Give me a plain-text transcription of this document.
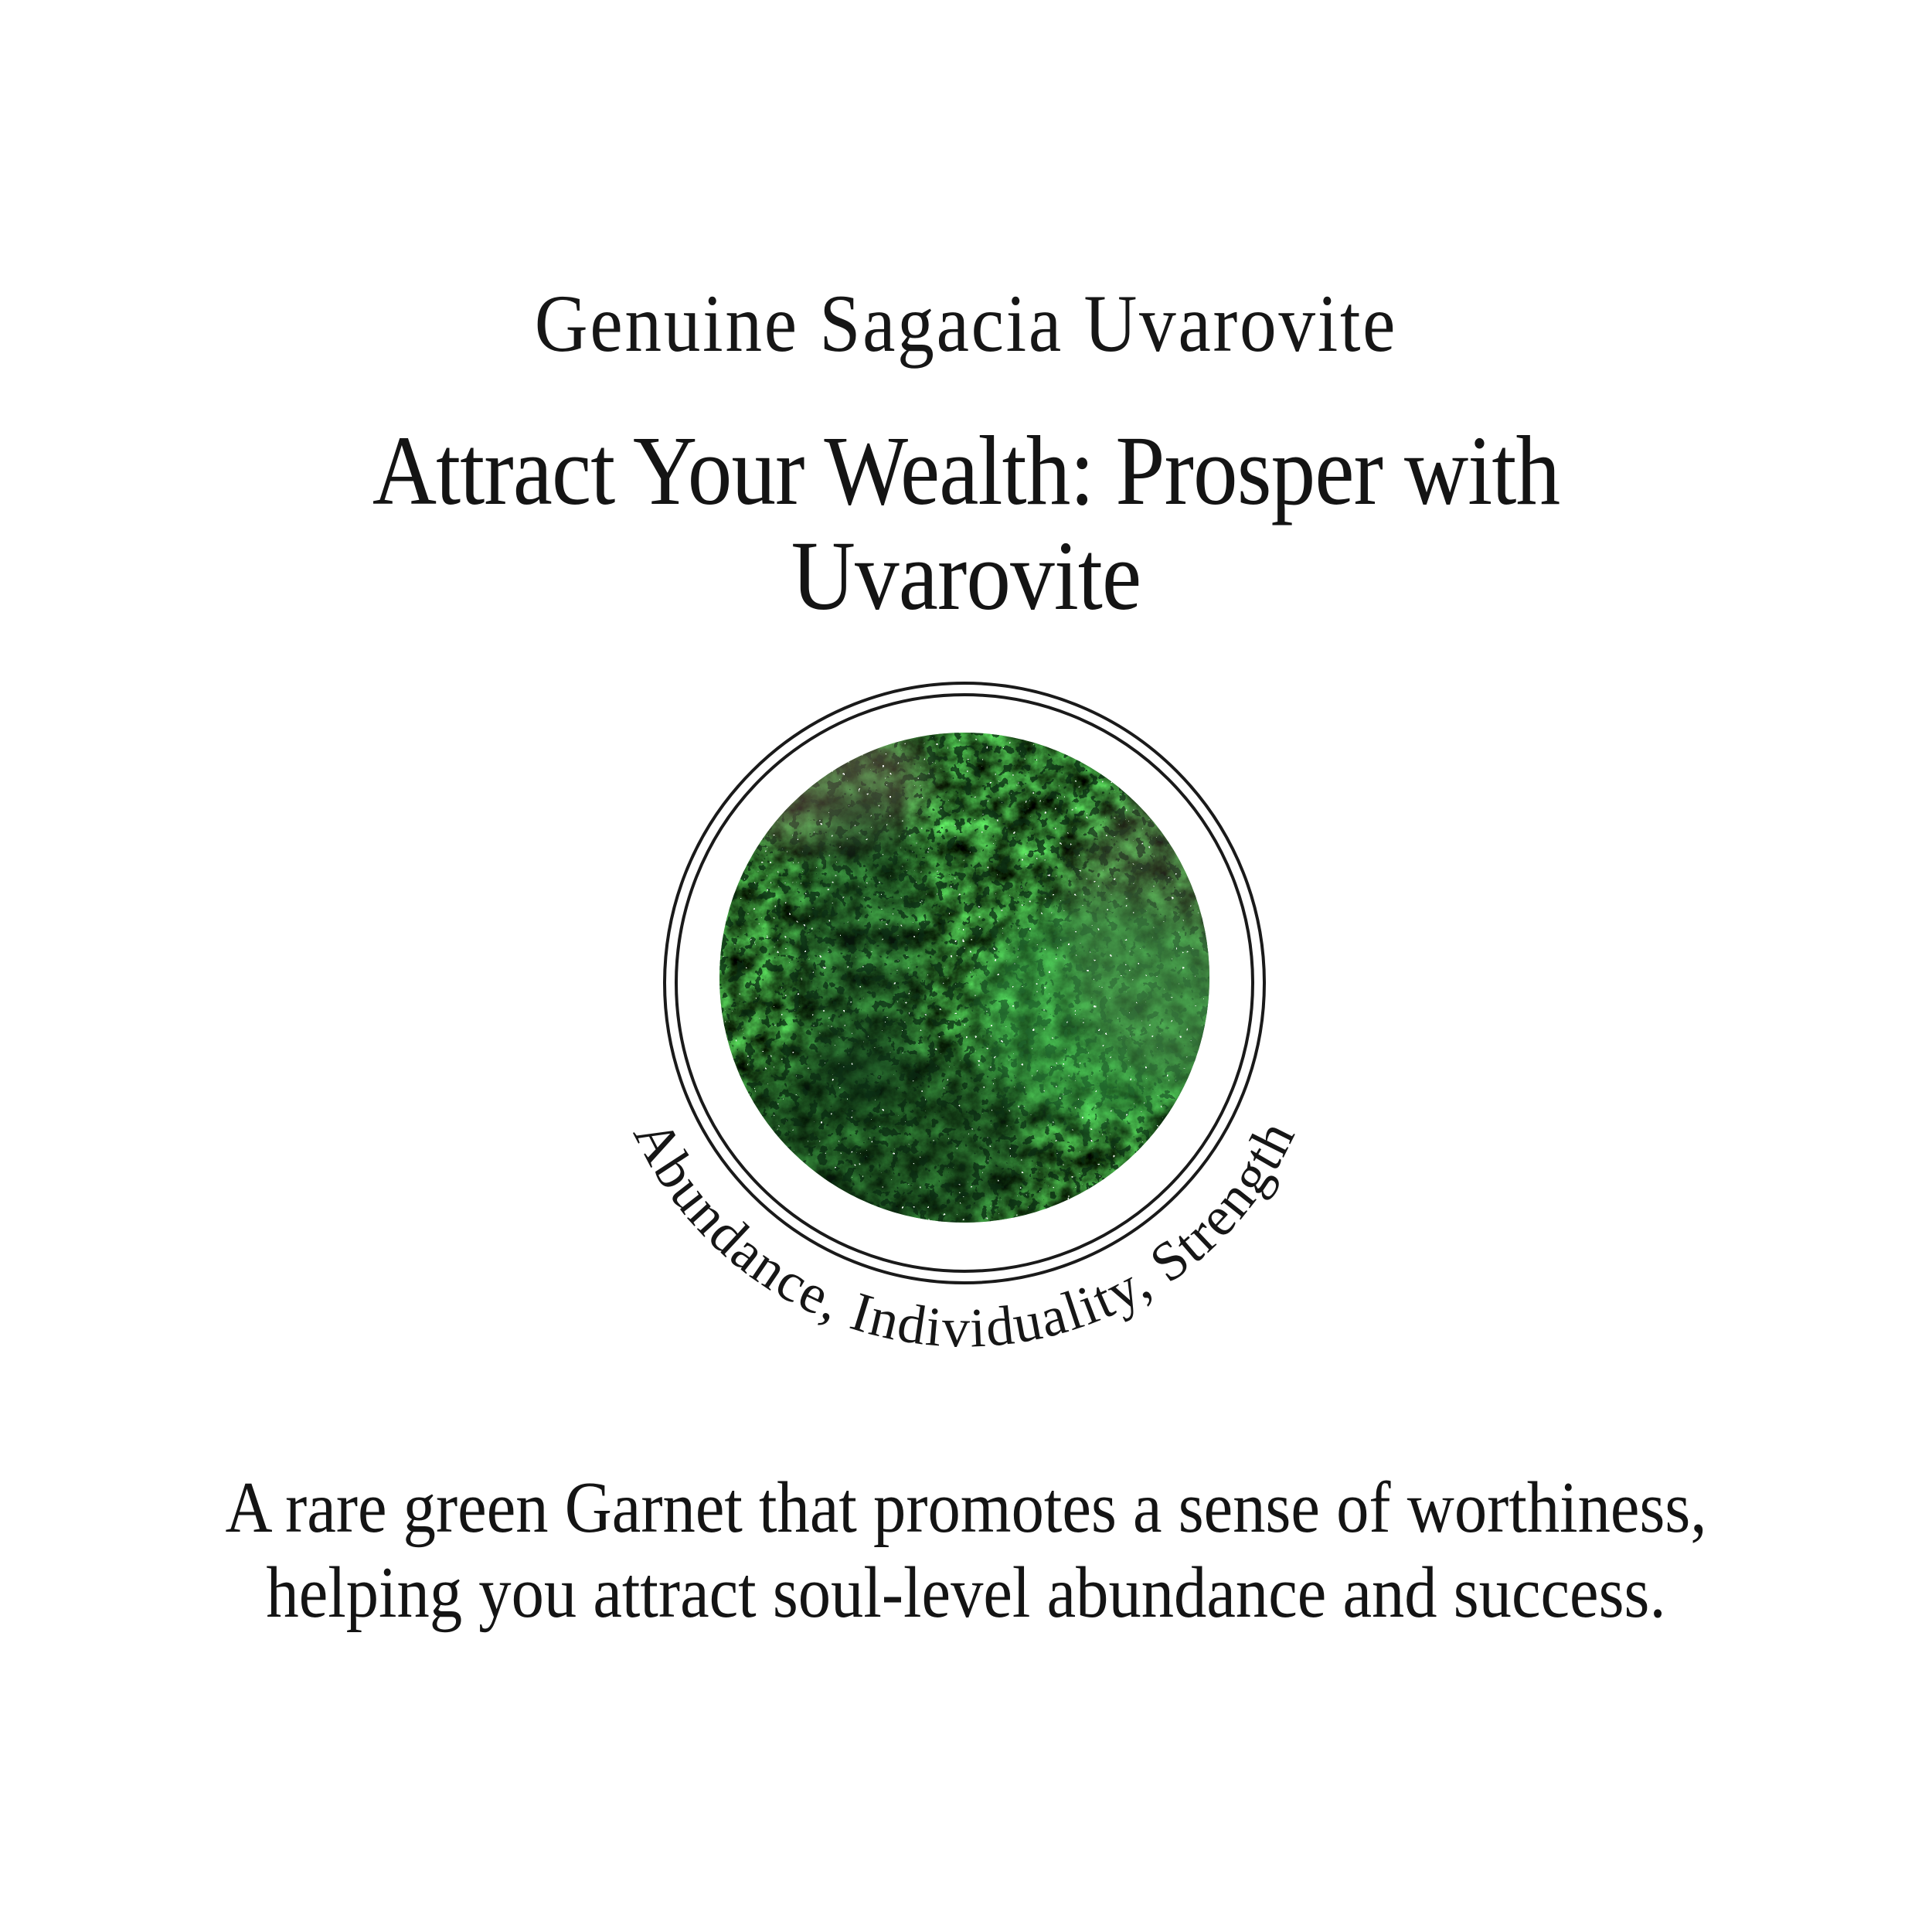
Genuine Sagacia Uvarovite
Attract Your Wealth: Prosper with
Uvarovite
Abundance, Individuality, Strength
A rare green Garnet that promotes a sense of worthiness,
helping you attract soul-level abundance and success.
